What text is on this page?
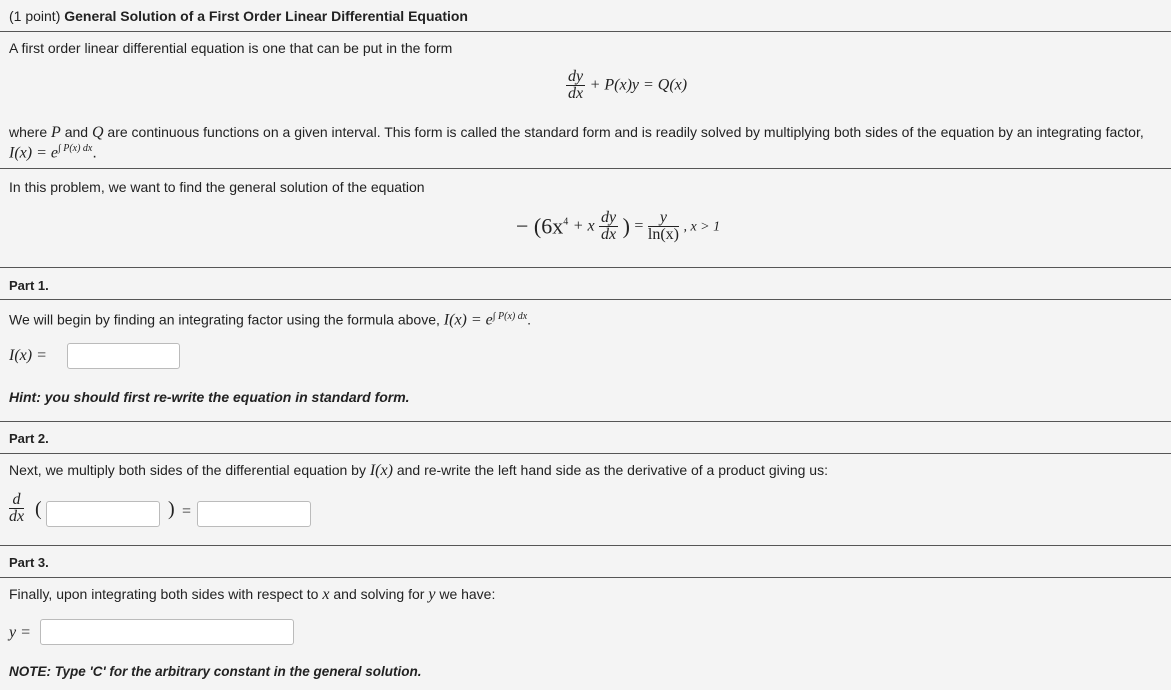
(1 point) General Solution of a First Order Linear Differential Equation
A first order linear differential equation is one that can be put in the form
$\frac{dy}{dx} + P(x)y = Q(x)$
where P and Q are continuous functions on a given interval. This form is called the standard form and is readily solved by multiplying both sides of the equation by an integrating factor,
$I(x) = e^{\int P(x) dx}$.
In this problem, we want to find the general solution of the equation
− ($6x^4 + x \frac{dy}{dx}$ ) = $\frac{y}{\ln(x)}$ , x > 1
Part 1.
We will begin by finding an integrating factor using the formula above, $I(x) = e^{\int P(x) dx}$.
I(x) =
Hint: you should first re-write the equation in standard form.
Part 2.
Next, we multiply both sides of the differential equation by I(x) and re-write the left hand side as the derivative of a product giving us:
$\frac{d}{dx}$ (	) =
Part 3.
Finally, upon integrating both sides with respect to x and solving for y we have:
y =
NOTE: Type 'C' for the arbitrary constant in the general solution.
